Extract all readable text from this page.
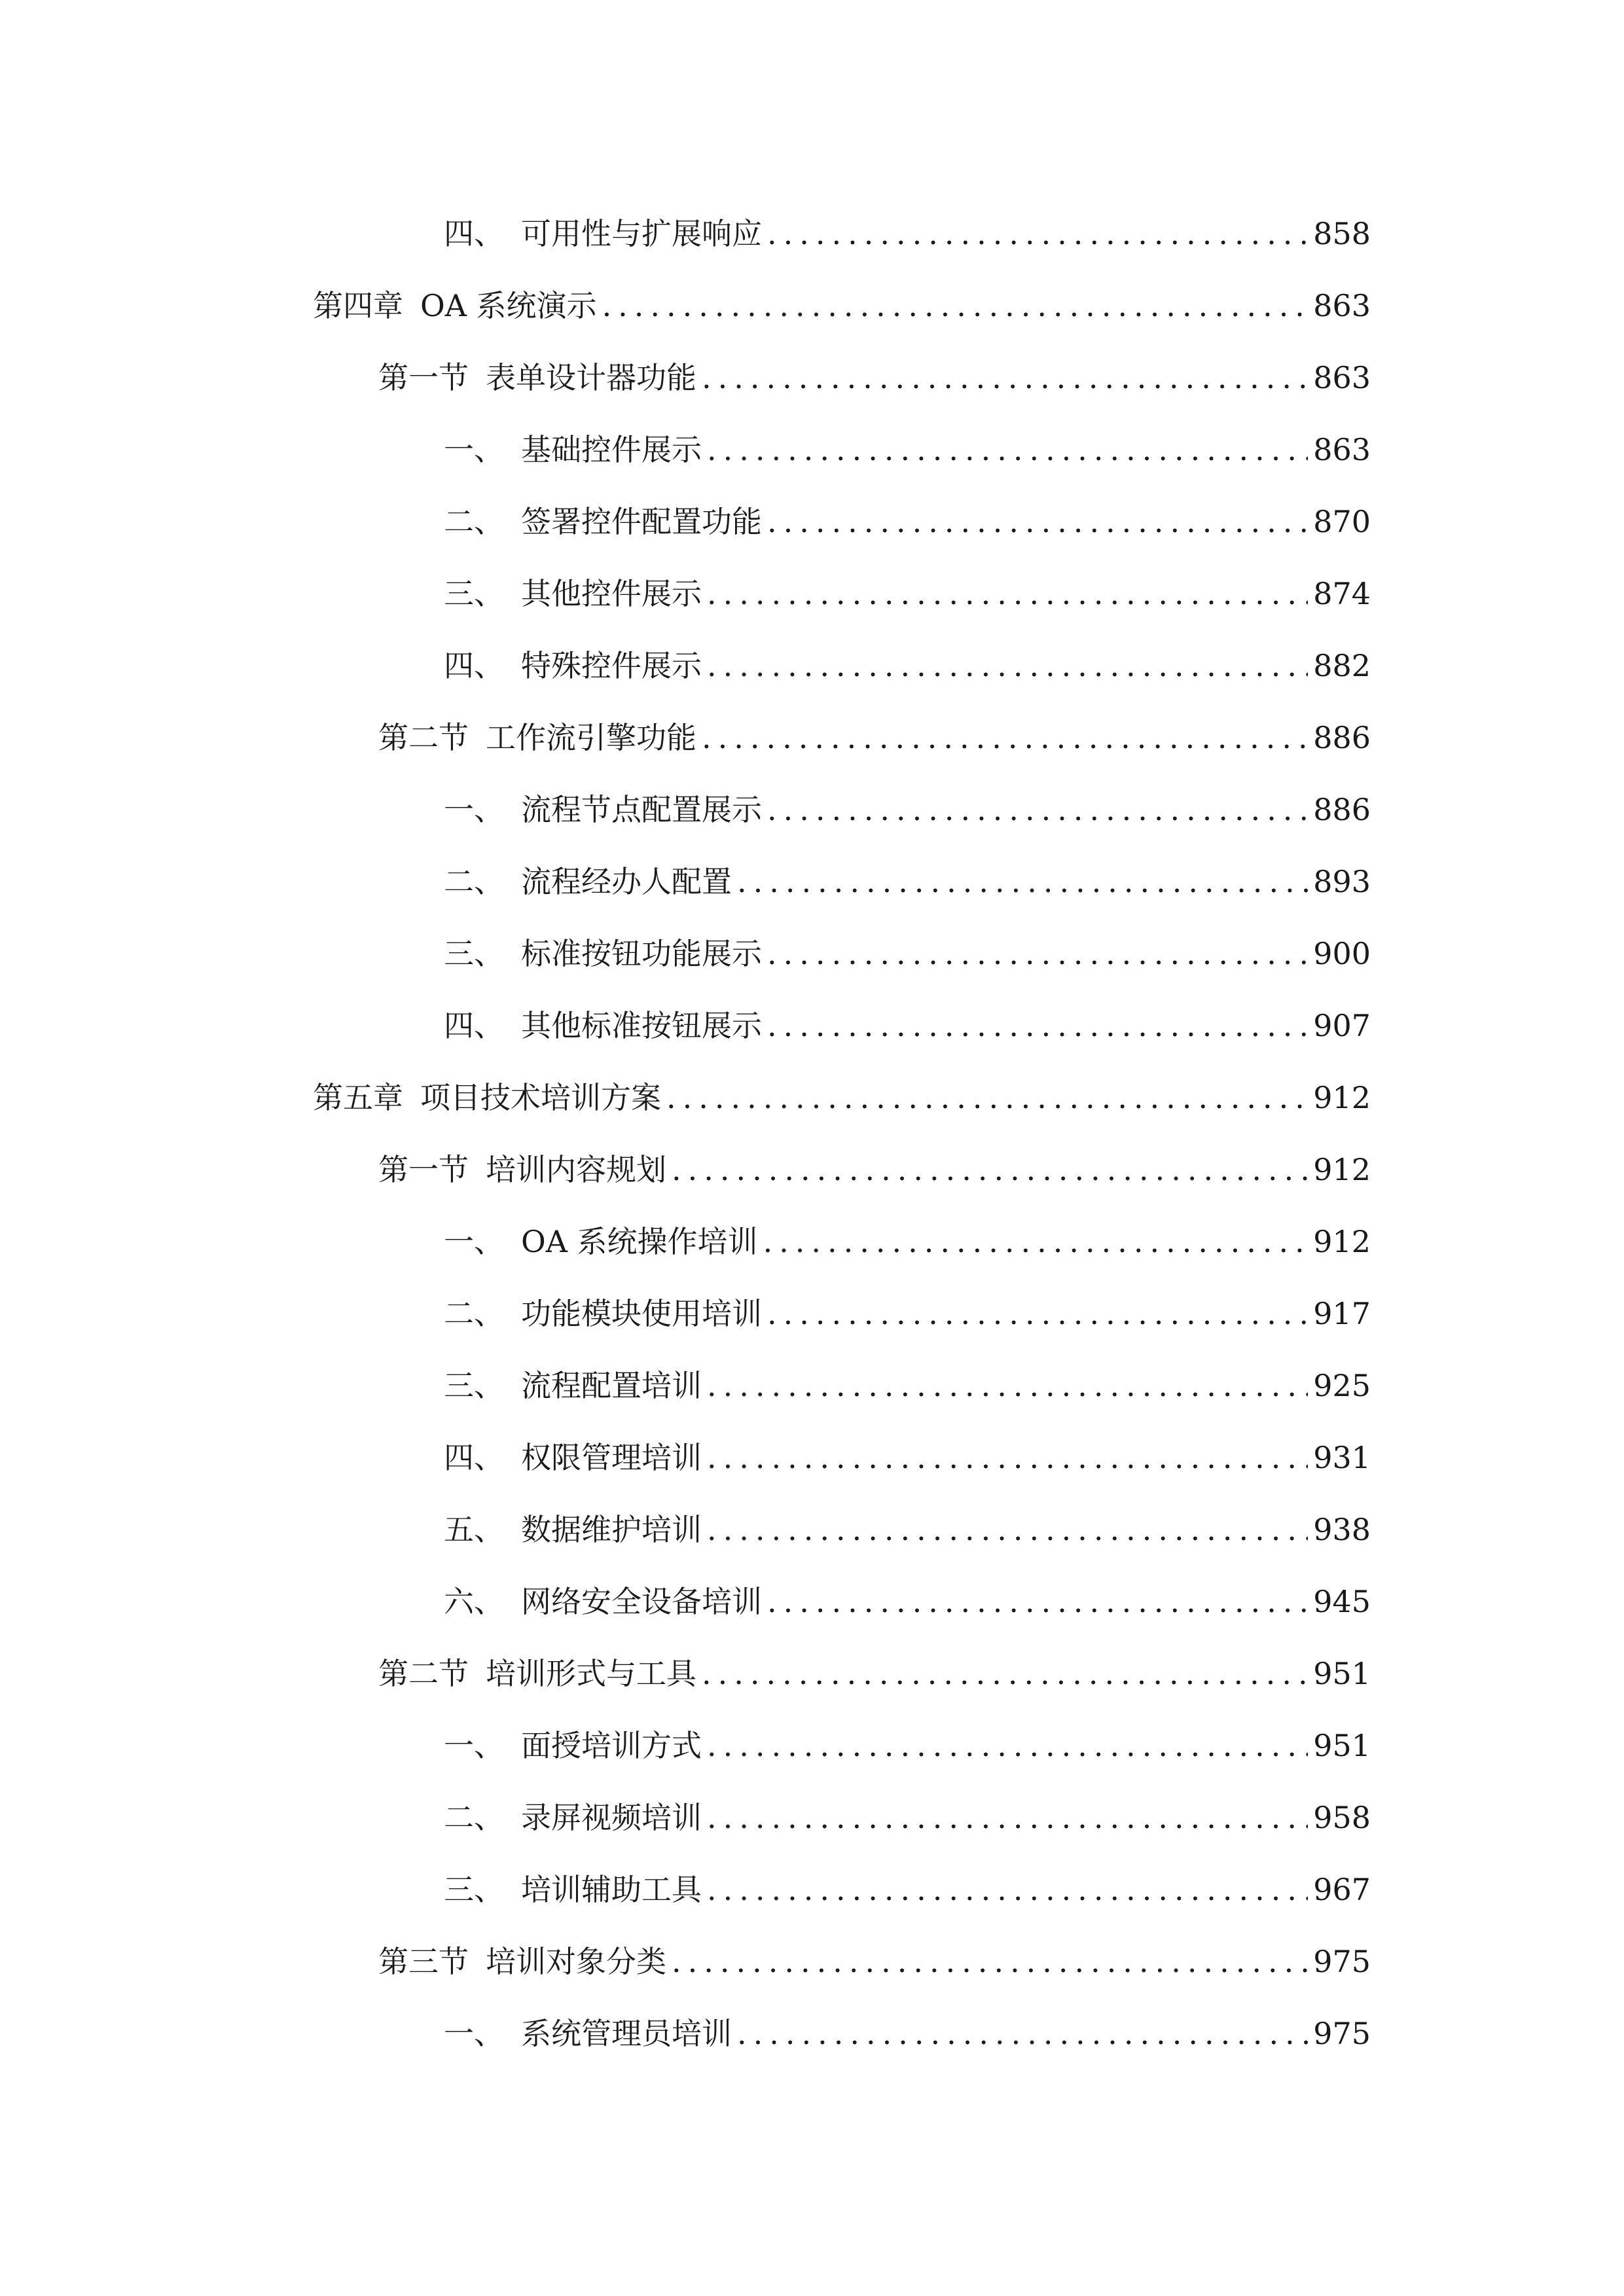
四、 可用性与扩展响应 .....	858
第四章 OA 系统演示 .....	863
第一节 表单设计器功能 .....	863
一、 基础控件展示 .....	863
二、 签署控件配置功能 .....	870
三、 其他控件展示 .....	874
四、 特殊控件展示 .....	882
第二节 工作流引擎功能 .....	886
一、 流程节点配置展示 .....	886
二、 流程经办人配置 .....	893
三、 标准按钮功能展示 .....	900
四、 其他标准按钮展示 .....	907
第五章 项目技术培训方案 .....	912
第一节 培训内容规划 .....	912
一、 OA 系统操作培训 .....	912
二、 功能模块使用培训 .....	917
三、 流程配置培训 .....	925
四、 权限管理培训 .....	931
五、 数据维护培训 .....	938
六、 网络安全设备培训 .....	945
第二节 培训形式与工具 .....	951
一、 面授培训方式 .....	951
二、 录屏视频培训 .....	958
三、 培训辅助工具 .....	967
第三节 培训对象分类 .....	975
一、 系统管理员培训 .....	975
